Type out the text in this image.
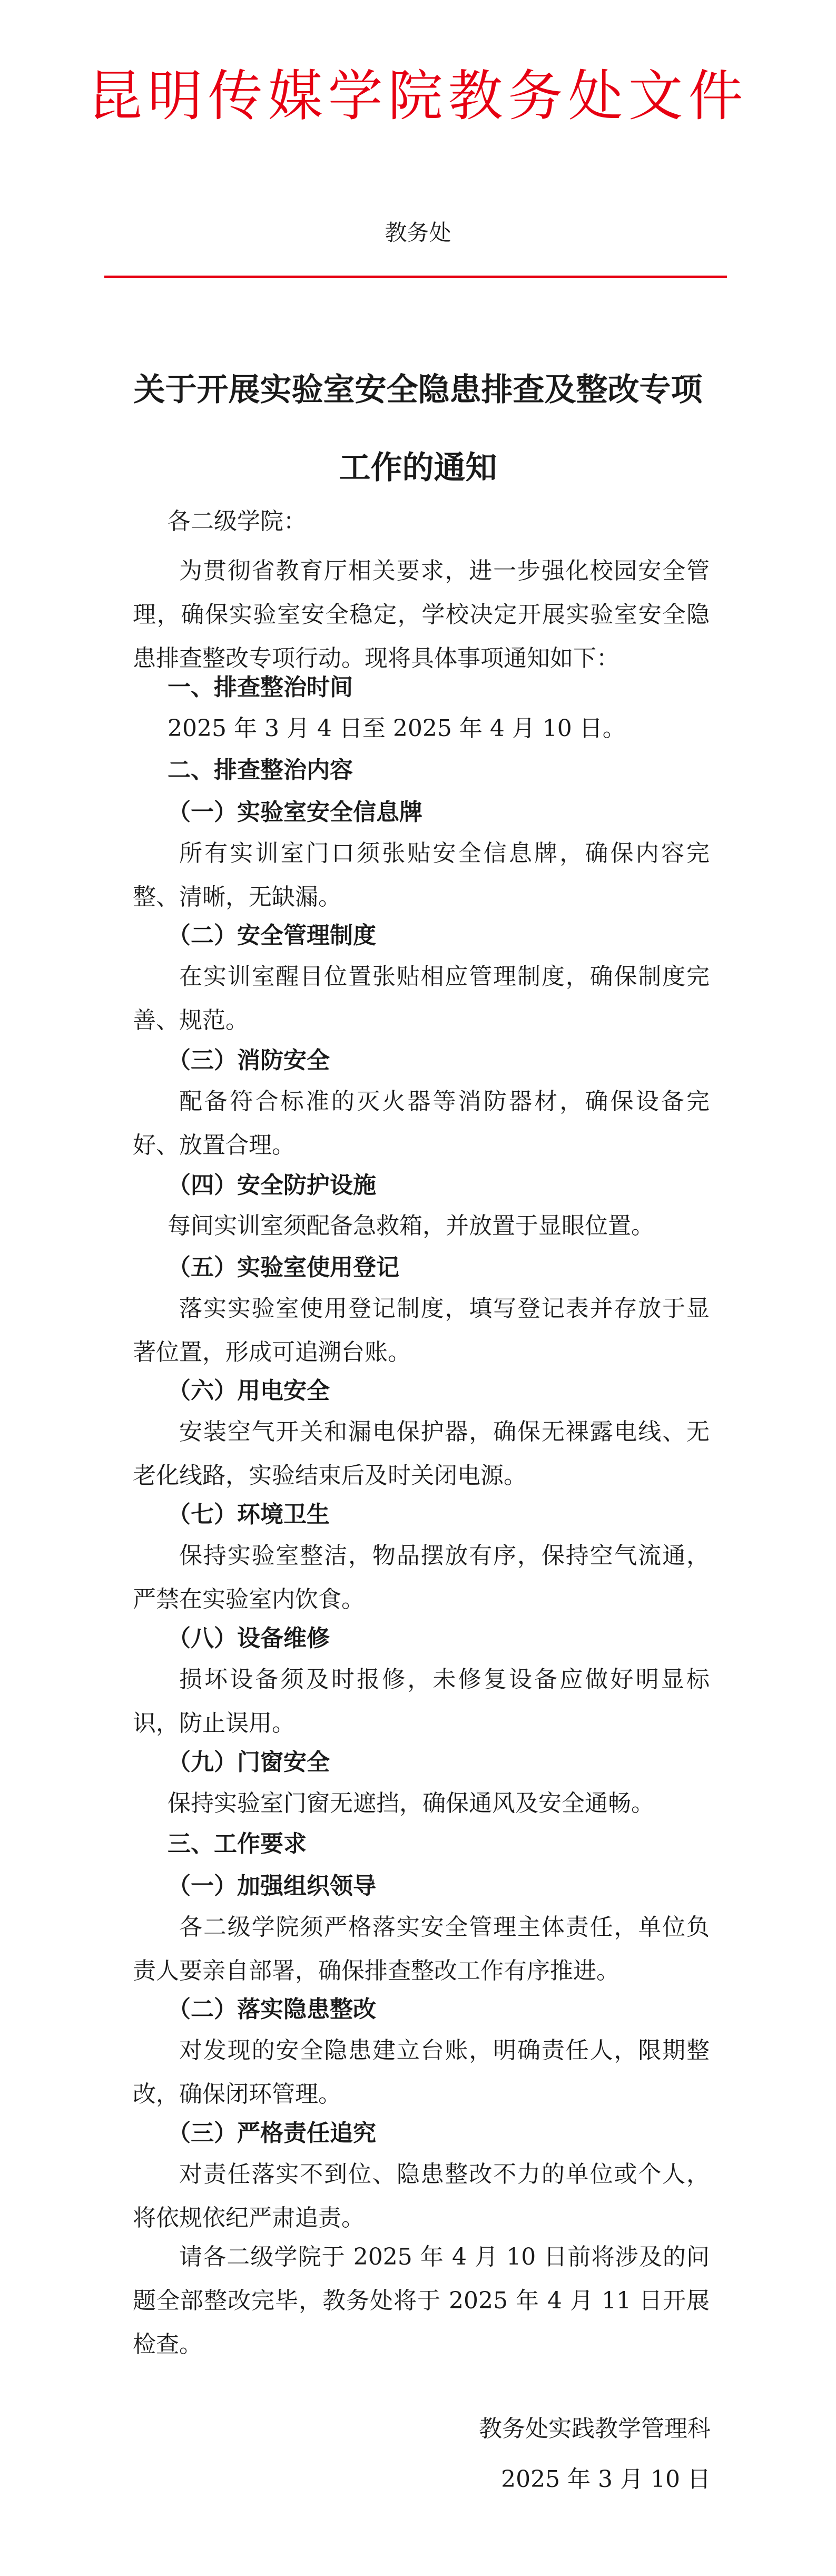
昆明传媒学院教务处文件
教务处
关于开展实验室安全隐患排查及整改专项
工作的通知
各二级学院：
为贯彻省教育厅相关要求，进一步强化校园安全管理，确保实验室安全稳定，学校决定开展实验室安全隐患排查整改专项行动。现将具体事项通知如下：
一、排查整治时间
2025 年 3 月 4 日至 2025 年 4 月 10 日。
二、排查整治内容
（一）实验室安全信息牌
所有实训室门口须张贴安全信息牌，确保内容完整、清晰，无缺漏。
（二）安全管理制度
在实训室醒目位置张贴相应管理制度，确保制度完善、规范。
（三）消防安全
配备符合标准的灭火器等消防器材，确保设备完好、放置合理。
（四）安全防护设施
每间实训室须配备急救箱，并放置于显眼位置。
（五）实验室使用登记
落实实验室使用登记制度，填写登记表并存放于显著位置，形成可追溯台账。
（六）用电安全
安装空气开关和漏电保护器，确保无裸露电线、无老化线路，实验结束后及时关闭电源。
（七）环境卫生
保持实验室整洁，物品摆放有序，保持空气流通，严禁在实验室内饮食。
（八）设备维修
损坏设备须及时报修，未修复设备应做好明显标识，防止误用。
（九）门窗安全
保持实验室门窗无遮挡，确保通风及安全通畅。
三、工作要求
（一）加强组织领导
各二级学院须严格落实安全管理主体责任，单位负责人要亲自部署，确保排查整改工作有序推进。
（二）落实隐患整改
对发现的安全隐患建立台账，明确责任人，限期整改，确保闭环管理。
（三）严格责任追究
对责任落实不到位、隐患整改不力的单位或个人，将依规依纪严肃追责。
请各二级学院于 2025 年 4 月 10 日前将涉及的问题全部整改完毕，教务处将于 2025 年 4 月 11 日开展检查。
教务处实践教学管理科
2025 年 3 月 10 日
